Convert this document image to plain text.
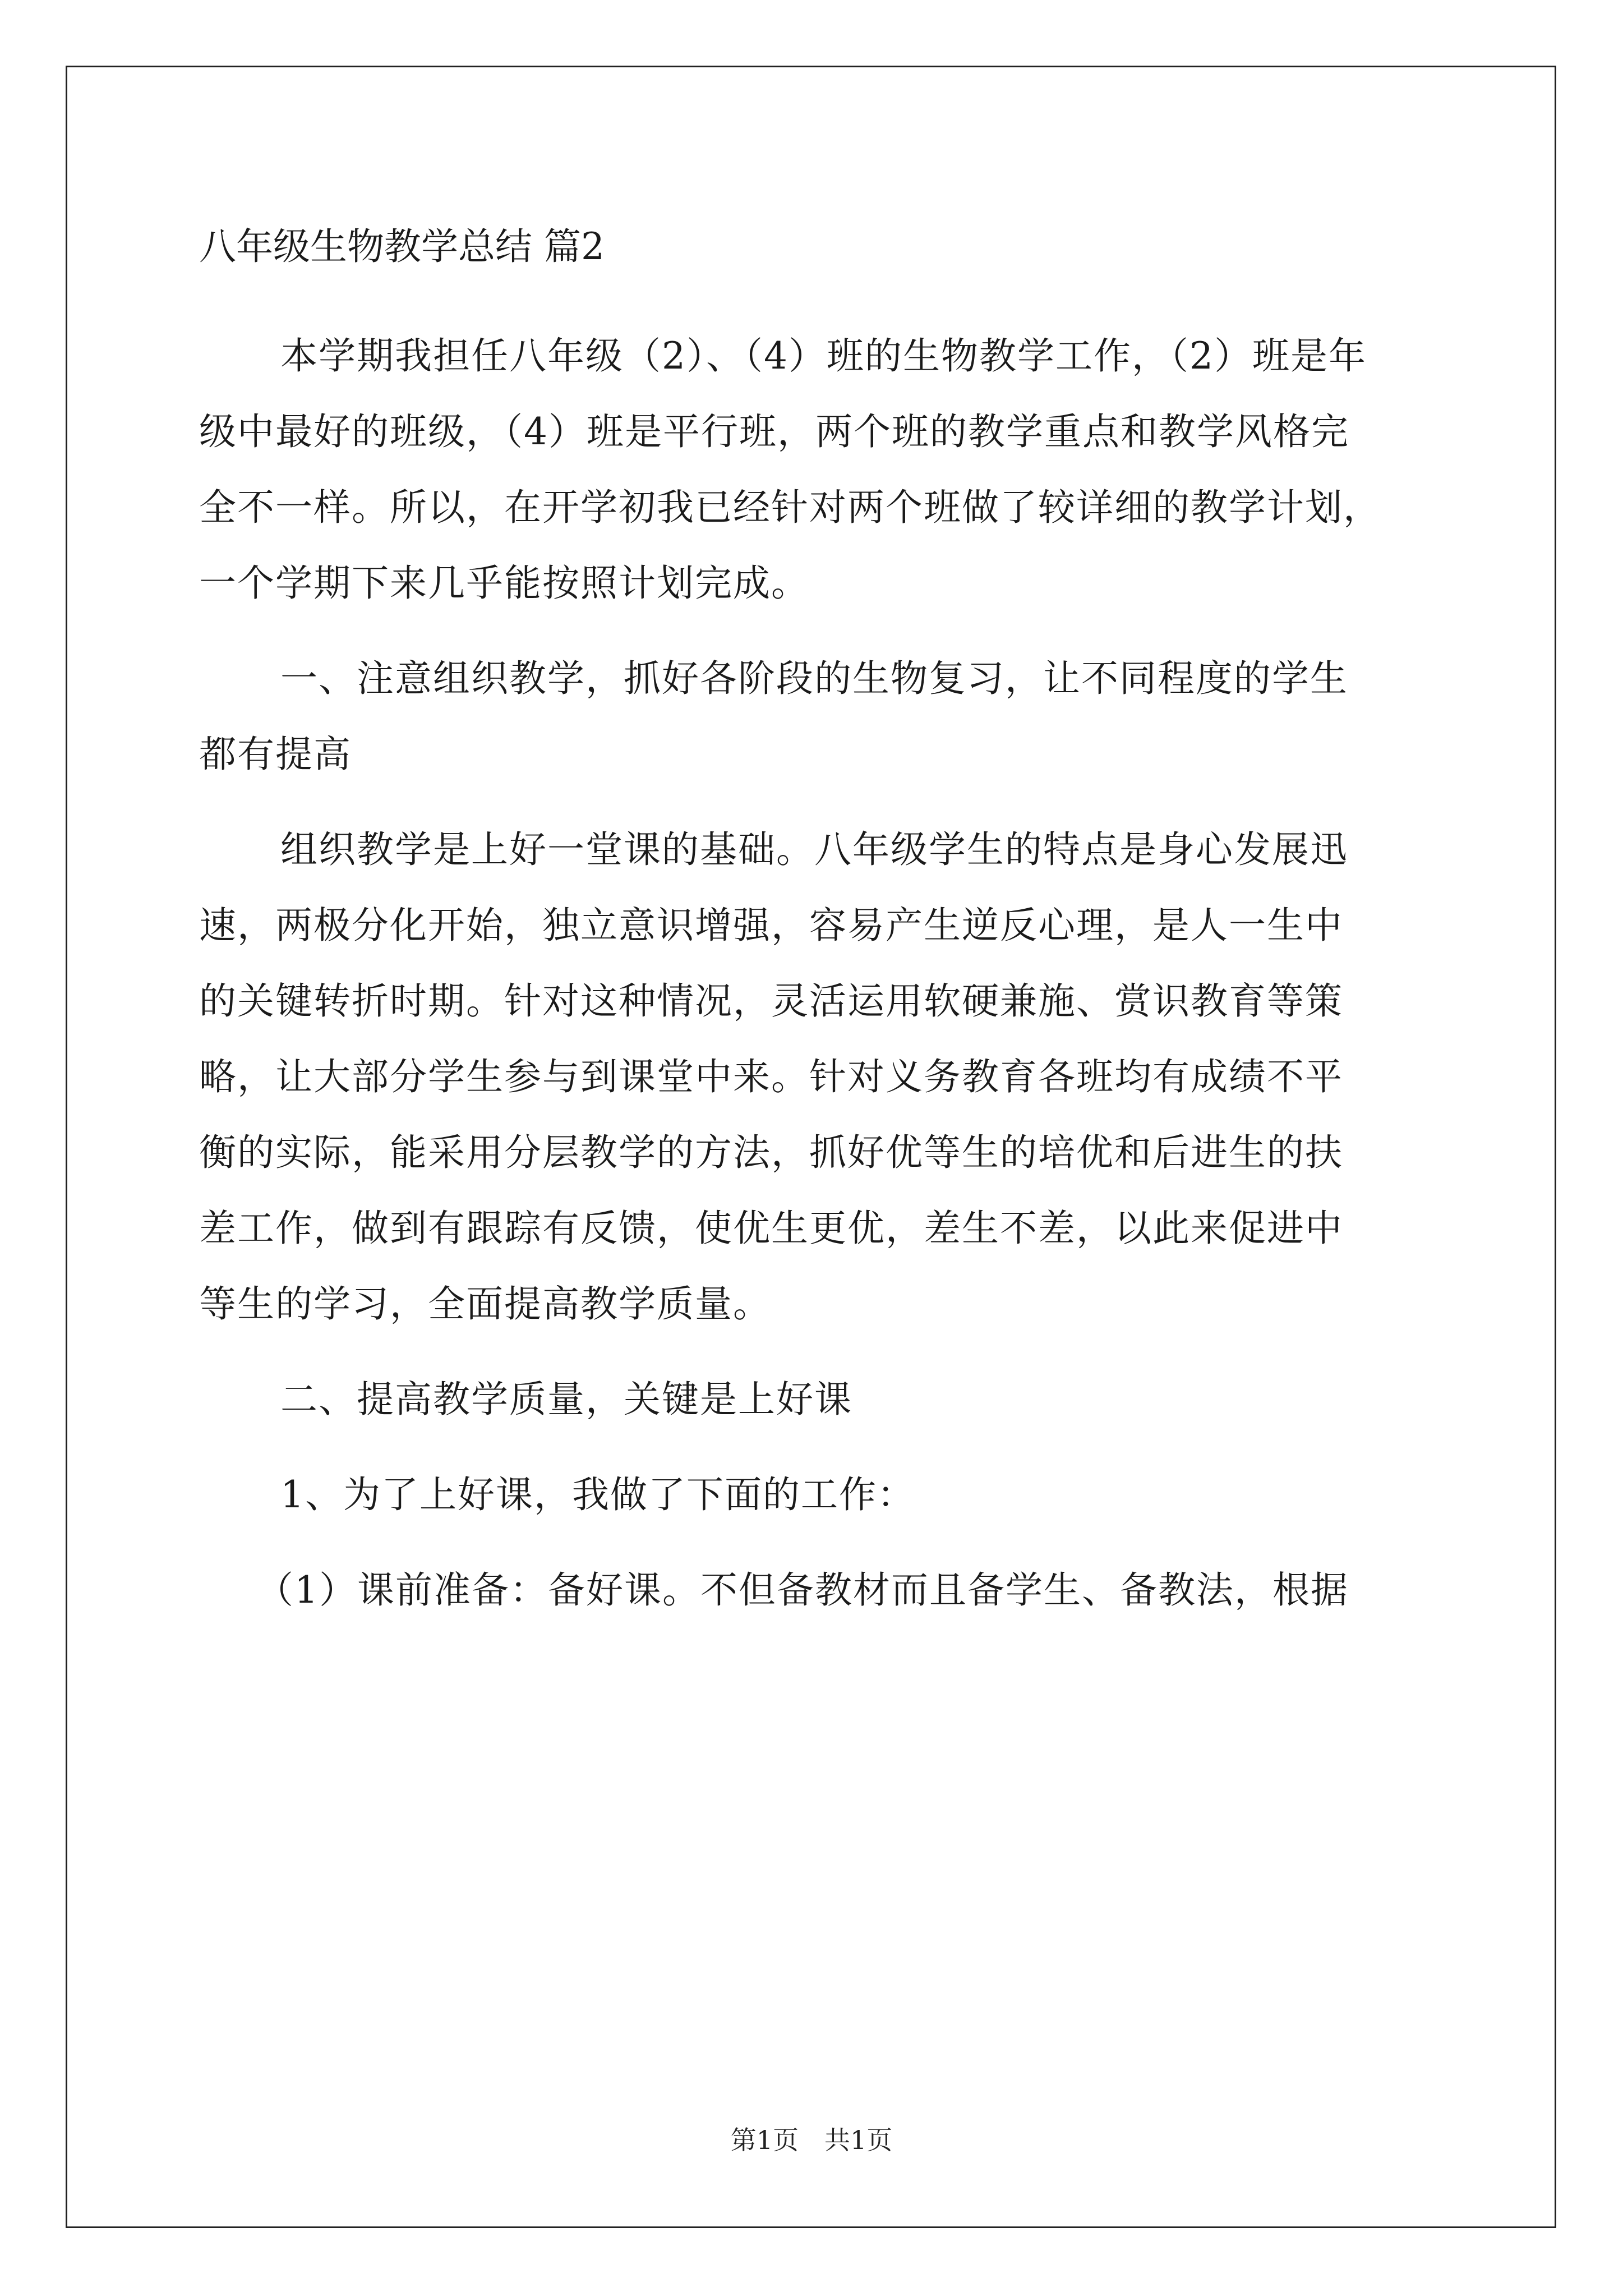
八年级生物教学总结 篇2
本学期我担任八年级（2）、（4）班的生物教学工作，（2）班是年
级中最好的班级，（4）班是平行班，两个班的教学重点和教学风格完
全不一样。所以，在开学初我已经针对两个班做了较详细的教学计划，
一个学期下来几乎能按照计划完成。
一、注意组织教学，抓好各阶段的生物复习，让不同程度的学生
都有提高
组织教学是上好一堂课的基础。八年级学生的特点是身心发展迅
速，两极分化开始，独立意识增强，容易产生逆反心理，是人一生中
的关键转折时期。针对这种情况，灵活运用软硬兼施、赏识教育等策
略，让大部分学生参与到课堂中来。针对义务教育各班均有成绩不平
衡的实际，能采用分层教学的方法，抓好优等生的培优和后进生的扶
差工作，做到有跟踪有反馈，使优生更优，差生不差，以此来促进中
等生的学习，全面提高教学质量。
二、提高教学质量，关键是上好课
1、为了上好课，我做了下面的工作：
（1）课前准备：备好课。不但备教材而且备学生、备教法，根据
第1页　共1页
